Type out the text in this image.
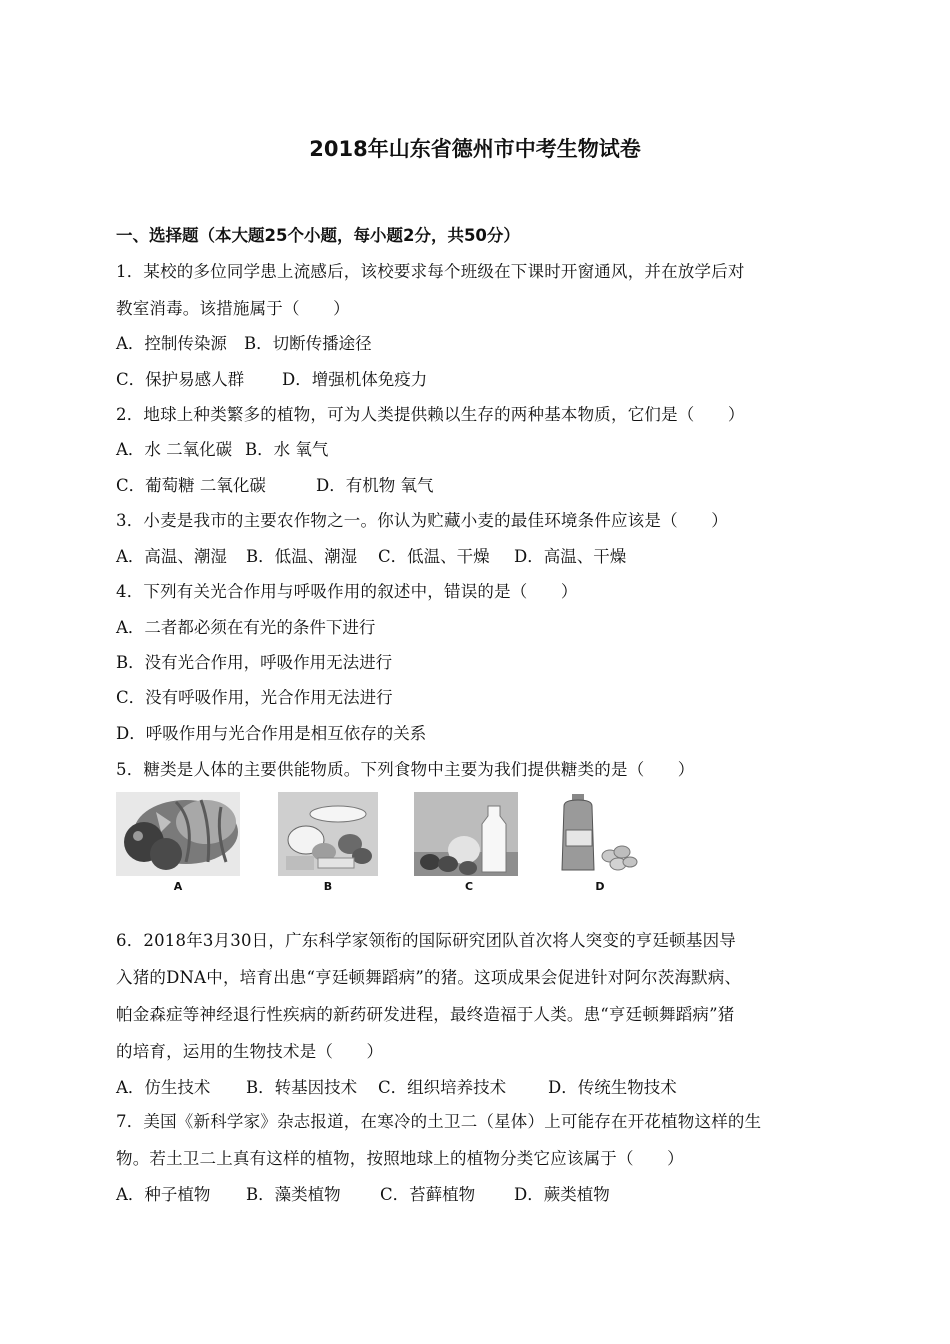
2018年山东省德州市中考生物试卷
一、选择题（本大题25个小题，每小题2分，共50分）
1．某校的多位同学患上流感后，该校要求每个班级在下课时开窗通风，并在放学后对
教室消毒。该措施属于（　　）
A．控制传染源 B．切断传播途径
C．保护易感人群 D．增强机体免疫力
2．地球上种类繁多的植物，可为人类提供赖以生存的两种基本物质，它们是（　　）
A．水 二氧化碳 B．水 氧气
C．葡萄糖 二氧化碳	D．有机物 氧气
3．小麦是我市的主要农作物之一。你认为贮藏小麦的最佳环境条件应该是（　　）
A．高温、潮湿 B．低温、潮湿 C．低温、干燥 D．高温、干燥
4．下列有关光合作用与呼吸作用的叙述中，错误的是（　　）
A．二者都必须在有光的条件下进行
B．没有光合作用，呼吸作用无法进行
C．没有呼吸作用，光合作用无法进行
D．呼吸作用与光合作用是相互依存的关系
5．糖类是人体的主要供能物质。下列食物中主要为我们提供糖类的是（　　）
A	B	C	D
6．2018年3月30日，广东科学家领衔的国际研究团队首次将人突变的亨廷顿基因导
入猪的DNA中，培育出患“亨廷顿舞蹈病”的猪。这项成果会促进针对阿尔茨海默病、
帕金森症等神经退行性疾病的新药研发进程，最终造福于人类。患“亨廷顿舞蹈病”猪
的培育，运用的生物技术是（　　）
A．仿生技术 B．转基因技术 C．组织培养技术	D．传统生物技术
7．美国《新科学家》杂志报道，在寒冷的土卫二（星体）上可能存在开花植物这样的生
物。若土卫二上真有这样的植物，按照地球上的植物分类它应该属于（　　）
A．种子植物 B．藻类植物 C．苔藓植物 D．蕨类植物
